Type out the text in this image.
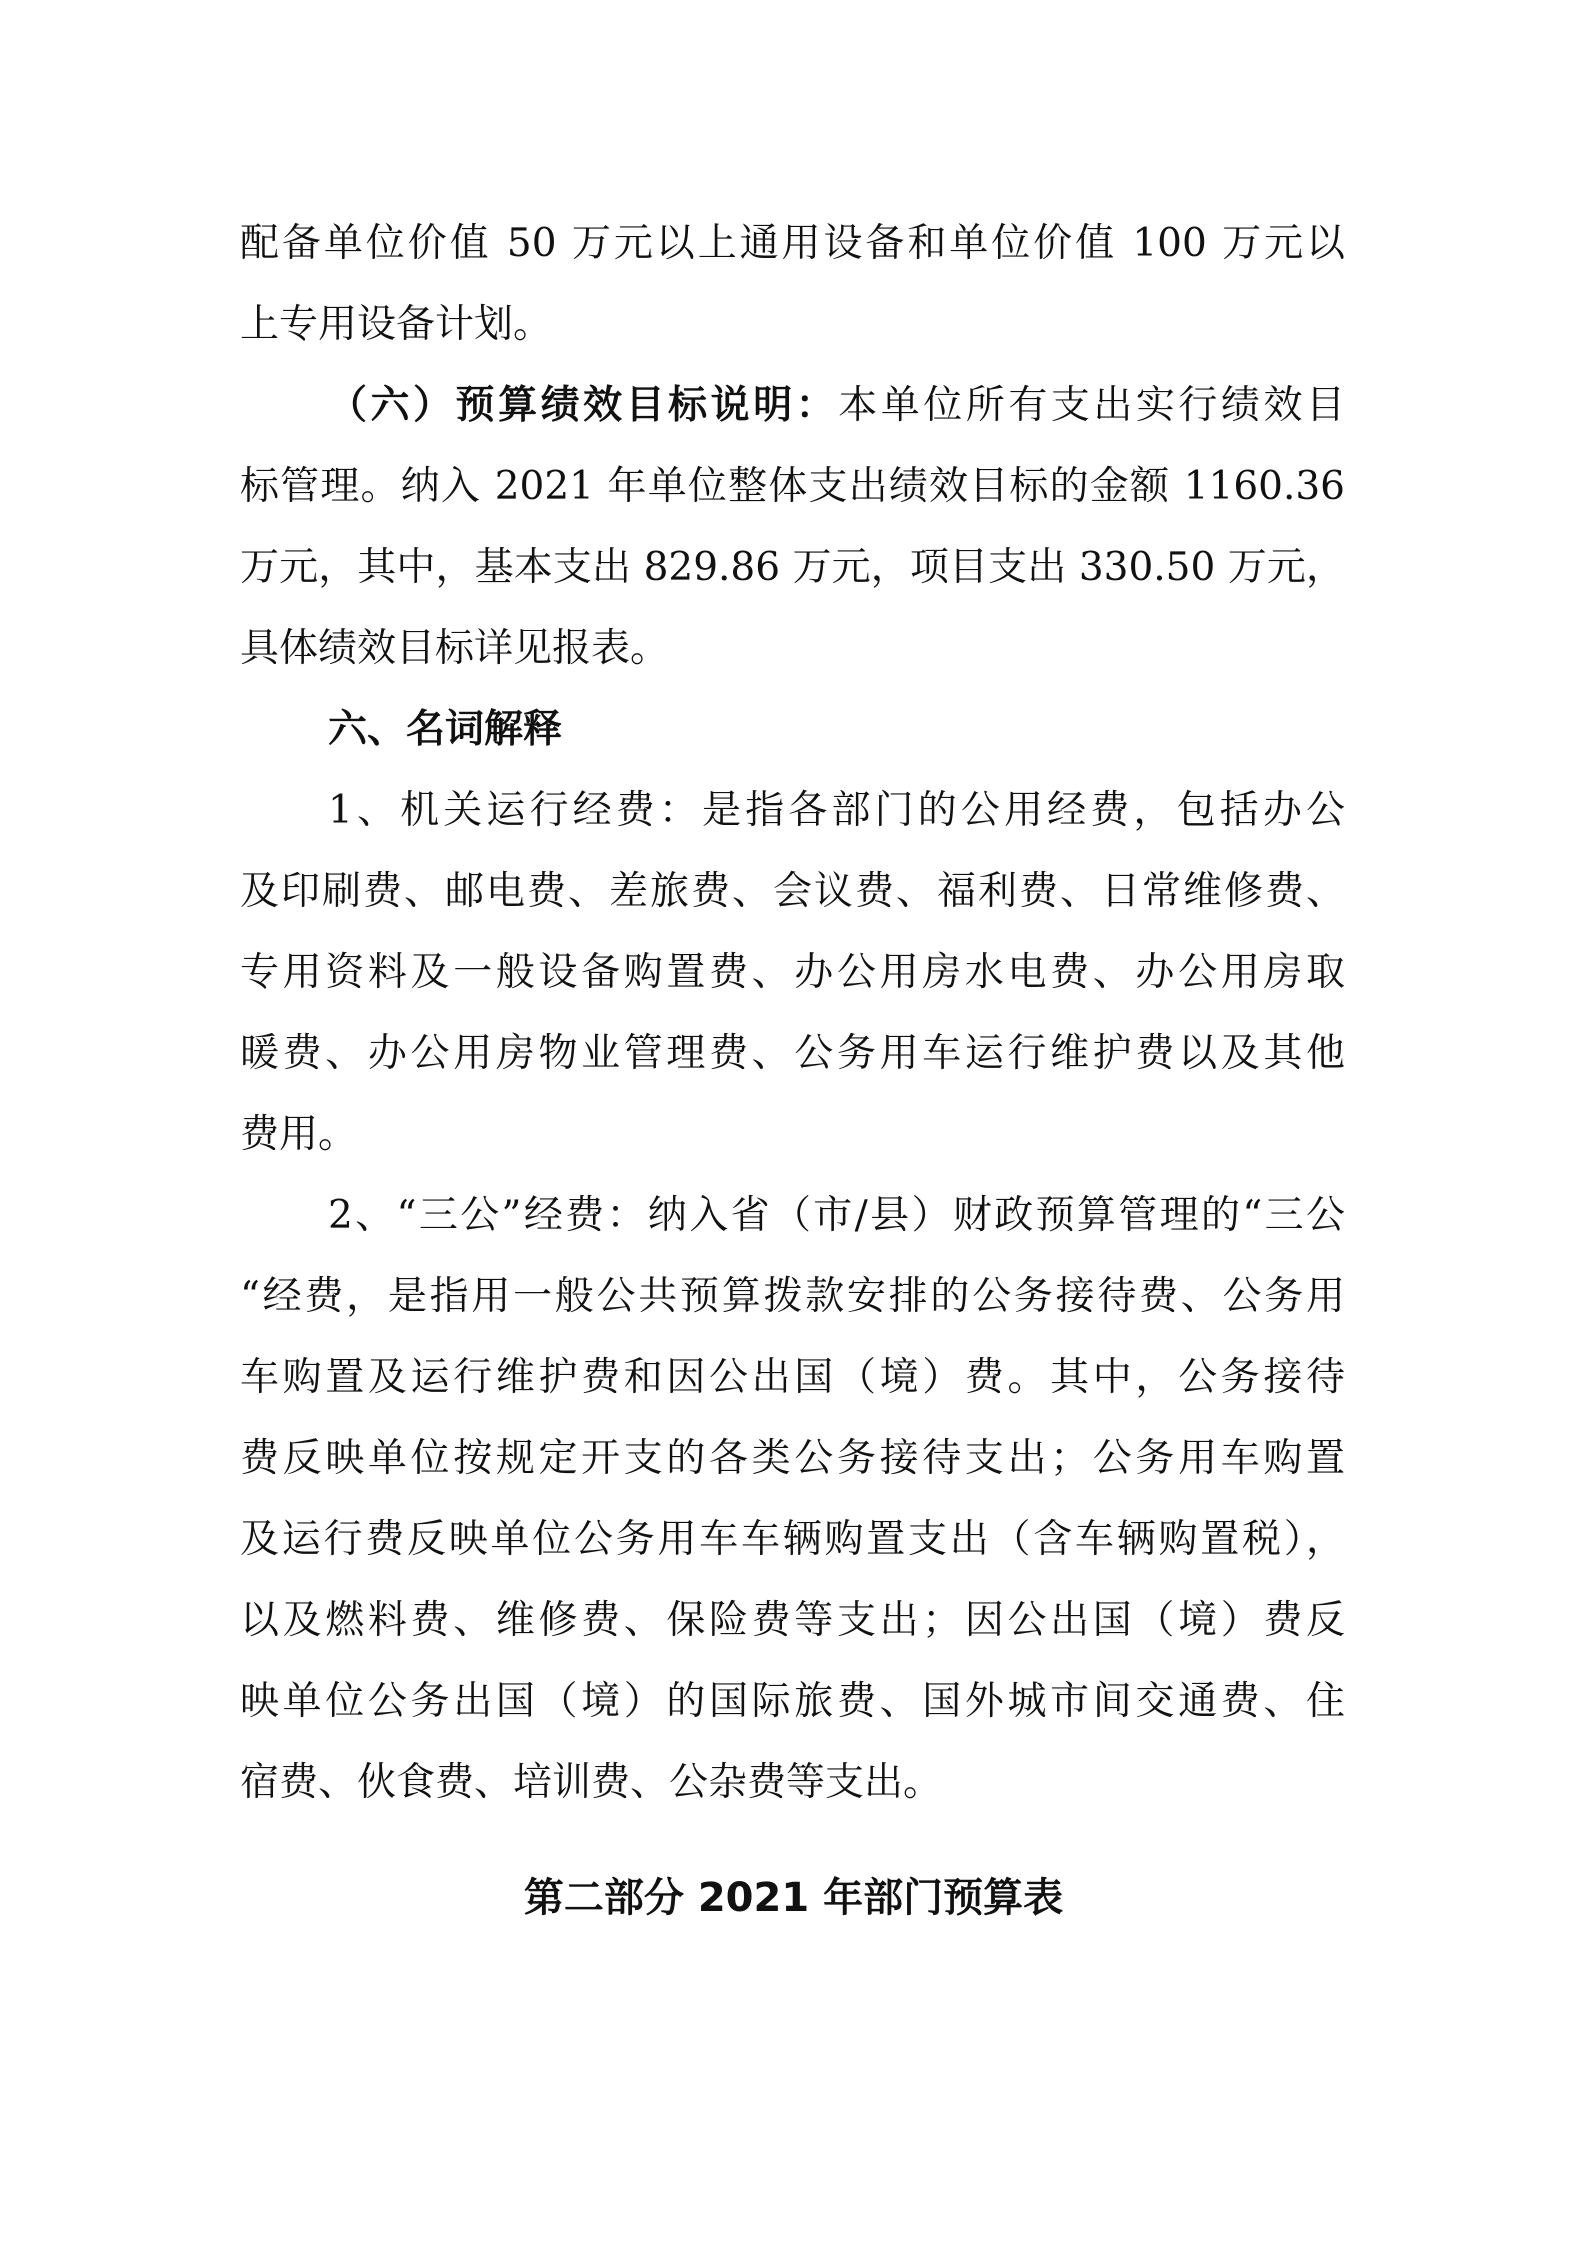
配备单位价值 50 万元以上通用设备和单位价值 100 万元以
上专用设备计划。
（六）预算绩效目标说明：本单位所有支出实行绩效目
标管理。纳入 2021 年单位整体支出绩效目标的金额 1160.36
万元，其中，基本支出 829.86 万元，项目支出 330.50 万元，
具体绩效目标详见报表。
六、名词解释
1、机关运行经费：是指各部门的公用经费，包括办公
及印刷费、邮电费、差旅费、会议费、福利费、日常维修费、
专用资料及一般设备购置费、办公用房水电费、办公用房取
暖费、办公用房物业管理费、公务用车运行维护费以及其他
费用。
2、“三公”经费：纳入省（市/县）财政预算管理的“三公
“经费，是指用一般公共预算拨款安排的公务接待费、公务用
车购置及运行维护费和因公出国（境）费。其中，公务接待
费反映单位按规定开支的各类公务接待支出；公务用车购置
及运行费反映单位公务用车车辆购置支出（含车辆购置税），
以及燃料费、维修费、保险费等支出；因公出国（境）费反
映单位公务出国（境）的国际旅费、国外城市间交通费、住
宿费、伙食费、培训费、公杂费等支出。
第二部分 2021 年部门预算表
